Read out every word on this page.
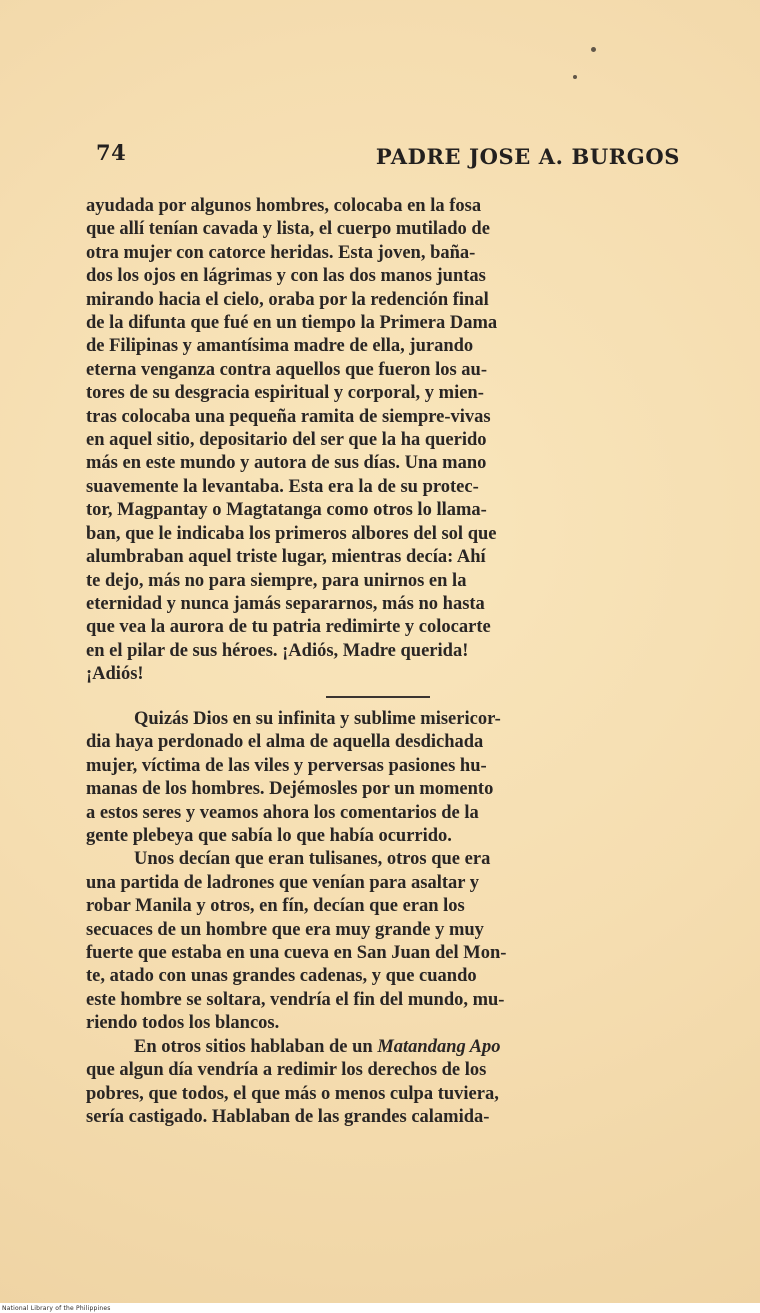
74	PADRE JOSE A. BURGOS
ayudada por algunos hombres, colocaba en la fosa
que allí tenían cavada y lista, el cuerpo mutilado de
otra mujer con catorce heridas. Esta joven, baña-
dos los ojos en lágrimas y con las dos manos juntas
mirando hacia el cielo, oraba por la redención final
de la difunta que fué en un tiempo la Primera Dama
de Filipinas y amantísima madre de ella, jurando
eterna venganza contra aquellos que fueron los au-
tores de su desgracia espiritual y corporal, y mien-
tras colocaba una pequeña ramita de siempre-vivas
en aquel sitio, depositario del ser que la ha querido
más en este mundo y autora de sus días. Una mano
suavemente la levantaba. Esta era la de su protec-
tor, Magpantay o Magtatanga como otros lo llama-
ban, que le indicaba los primeros albores del sol que
alumbraban aquel triste lugar, mientras decía: Ahí
te dejo, más no para siempre, para unirnos en la
eternidad y nunca jamás separarnos, más no hasta
que vea la aurora de tu patria redimirte y colocarte
en el pilar de sus héroes. ¡Adiós, Madre querida!
¡Adiós!
Quizás Dios en su infinita y sublime misericor-
dia haya perdonado el alma de aquella desdichada
mujer, víctima de las viles y perversas pasiones hu-
manas de los hombres. Dejémosles por un momento
a estos seres y veamos ahora los comentarios de la
gente plebeya que sabía lo que había ocurrido.
Unos decían que eran tulisanes, otros que era
una partida de ladrones que venían para asaltar y
robar Manila y otros, en fín, decían que eran los
secuaces de un hombre que era muy grande y muy
fuerte que estaba en una cueva en San Juan del Mon-
te, atado con unas grandes cadenas, y que cuando
este hombre se soltara, vendría el fin del mundo, mu-
riendo todos los blancos.
En otros sitios hablaban de un Matandang Apo
que algun día vendría a redimir los derechos de los
pobres, que todos, el que más o menos culpa tuviera,
sería castigado. Hablaban de las grandes calamida-
National Library of the Philippines
